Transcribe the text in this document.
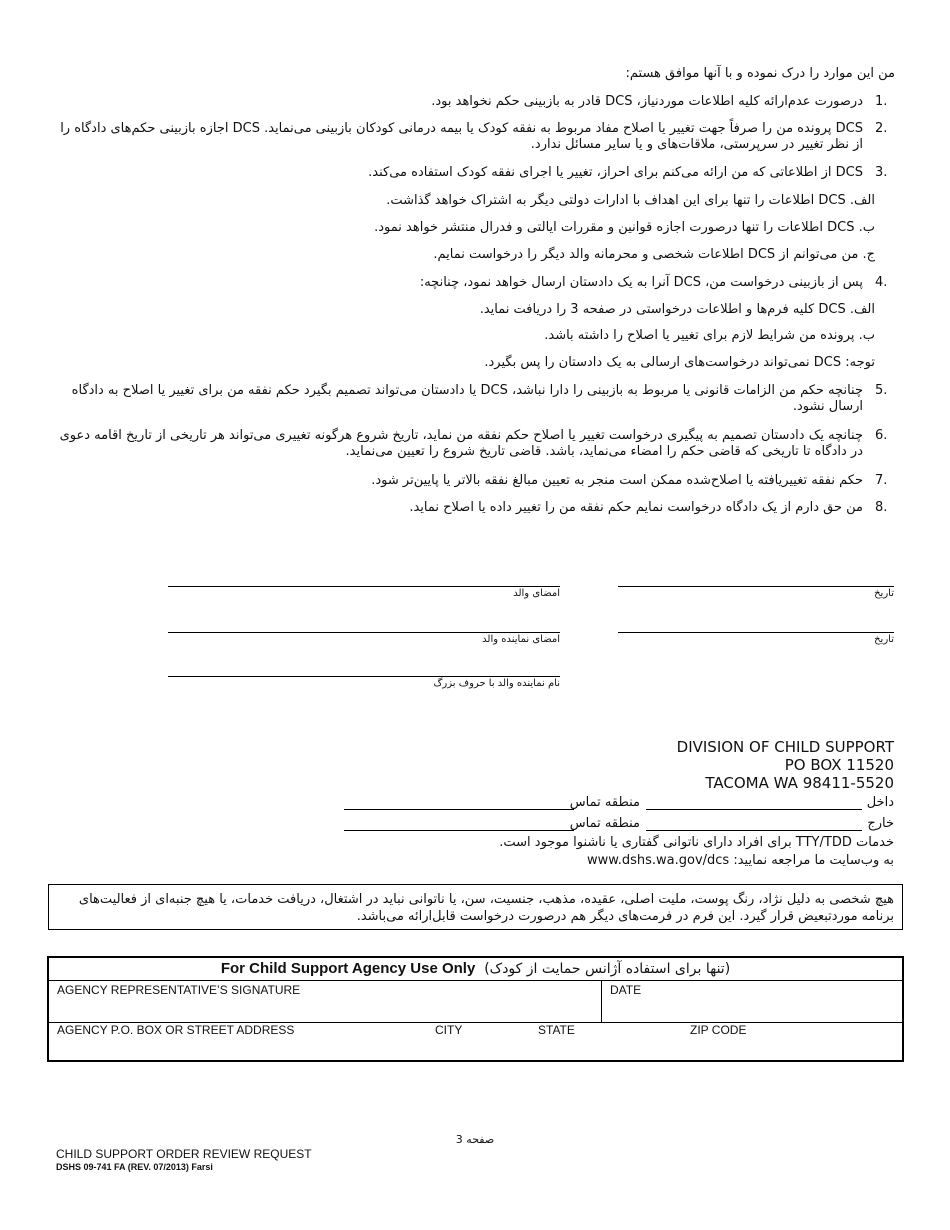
من این موارد را درک نموده و با آنها موافق هستم:
1.
درصورت عدم‌ارائه کلیه اطلاعات موردنیاز، DCS قادر به بازبینی حکم نخواهد بود.
2.
DCS پرونده من را صرفاً جهت تغییر یا اصلاح مفاد مربوط به نفقه کودک یا بیمه درمانی کودکان بازبینی می‌نماید. DCS اجازه بازبینی حکم‌های دادگاه را از نظر تغییر در سرپرستی، ملاقات‌های و یا سایر مسائل ندارد.
3.
DCS از اطلاعاتی که من ارائه می‌کنم برای احراز، تغییر یا اجرای نفقه کودک استفاده می‌کند.
الف. DCS اطلاعات را تنها برای این اهداف با ادارات دولتی دیگر به اشتراک خواهد گذاشت.
ب. DCS اطلاعات را تنها درصورت اجازه قوانین و مقررات ایالتی و فدرال منتشر خواهد نمود.
ج. من می‌توانم از DCS اطلاعات شخصی و محرمانه والد دیگر را درخواست نمایم.
4.
پس از بازبینی درخواست من، DCS آنرا به یک دادستان ارسال خواهد نمود، چنانچه:
الف. DCS کلیه فرم‌ها و اطلاعات درخواستی در صفحه 3 را دریافت نماید.
ب. پرونده من شرایط لازم برای تغییر یا اصلاح را داشته باشد.
توجه: DCS نمی‌تواند درخواست‌های ارسالی به یک دادستان را پس بگیرد.
5.
چنانچه حکم من الزامات قانونی یا مربوط به بازبینی را دارا نباشد، DCS یا دادستان می‌تواند تصمیم بگیرد حکم نفقه من برای تغییر یا اصلاح به دادگاه ارسال نشود.
6.
چنانچه یک دادستان تصمیم به پیگیری درخواست تغییر یا اصلاح حکم نفقه من نماید، تاریخ شروع هرگونه تغییری می‌تواند هر تاریخی از تاریخ اقامه دعوی در دادگاه تا تاریخی که قاضی حکم را امضاء می‌نماید، باشد. قاضی تاریخ شروع را تعیین می‌نماید.
7.
حکم نفقه تغییریافته یا اصلاح‌شده ممکن است منجر به تعیین مبالغ نفقه بالاتر یا پایین‌تر شود.
8.
من حق دارم از یک دادگاه درخواست نمایم حکم نفقه من را تغییر داده یا اصلاح نماید.
امضای والد	تاریخ
امضای نماینده والد	تاریخ
نام نماینده والد با حروف بزرگ
DIVISION OF CHILD SUPPORT
PO BOX 11520
TACOMA WA 98411-5520
داخل
منطقه تماس
خارج
منطقه تماس
خدمات TTY/TDD برای افراد دارای ناتوانی گفتاری یا ناشنوا موجود است.
به وب‌سایت ما مراجعه نمایید: www.dshs.wa.gov/dcs
هیچ شخصی به دلیل نژاد، رنگ پوست، ملیت اصلی، عقیده، مذهب، جنسیت، سن، یا ناتوانی نباید در اشتغال، دریافت خدمات، یا هیچ جنبه‌ای از فعالیت‌های برنامه موردتبعیض قرار گیرد. این فرم در فرمت‌های دیگر هم درصورت درخواست قابل‌ارائه می‌باشد.
For Child Support Agency Use Only (تنها برای استفاده آژانس حمایت از کودک)
AGENCY REPRESENTATIVE’S SIGNATURE	DATE
AGENCY P.O. BOX OR STREET ADDRESS	CITY	STATE	ZIP CODE
صفحه 3
CHILD SUPPORT ORDER REVIEW REQUEST
DSHS 09-741 FA (REV. 07/2013) Farsi
